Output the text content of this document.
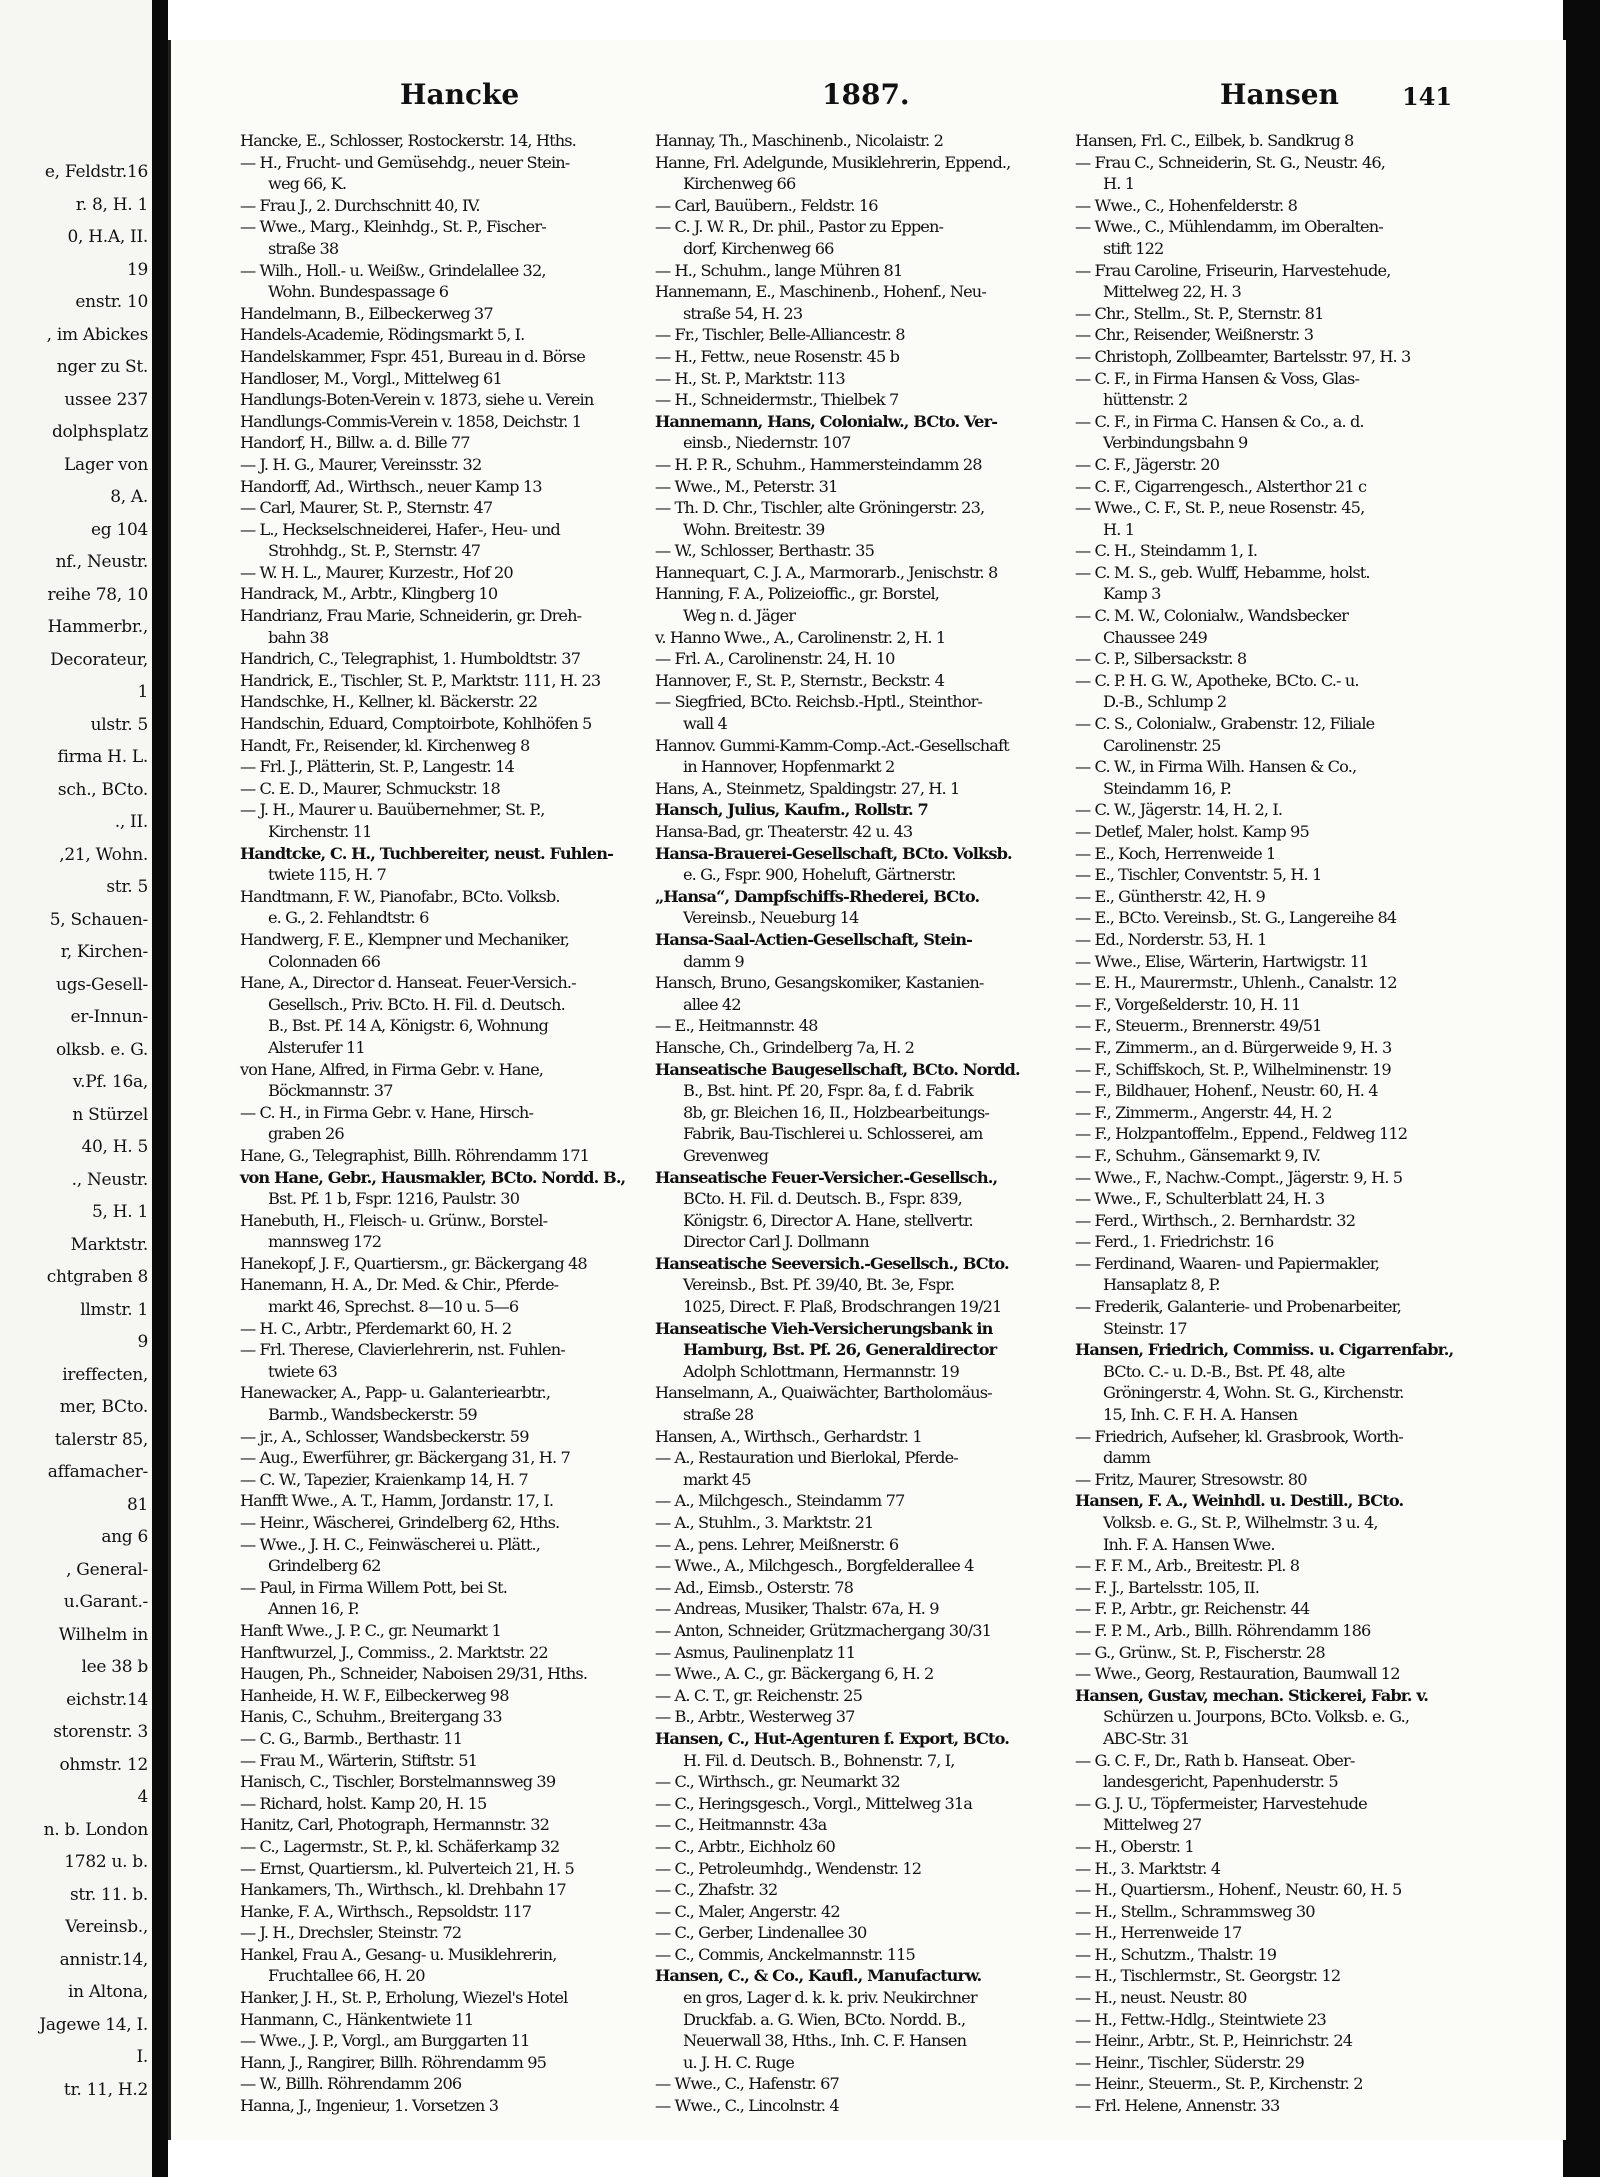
e, Feldstr.16
r. 8, H. 1
0, H.A, II.
19
enstr. 10
, im Abickes
nger zu St.
ussee 237
dolphsplatz
Lager von
8, A.
eg 104
nf., Neustr.
reihe 78, 10
Hammerbr.,
Decorateur,
1
ulstr. 5
firma H. L.
sch., BCto.
., II.
,21, Wohn.
str. 5
5, Schauen-
r, Kirchen-
ugs-Gesell-
er-Innun-
olksb. e. G.
v.Pf. 16a,
n Stürzel
40, H. 5
., Neustr.
5, H. 1
Marktstr.
chtgraben 8
llmstr. 1
9
ireffecten,
mer, BCto.
talerstr 85,
affamacher-
81
ang 6
, General-
u.Garant.-
Wilhelm in
lee 38 b
eichstr.14
storenstr. 3
ohmstr. 12
4
n. b. London
1782 u. b.
str. 11. b.
Vereinsb.,
annistr.14,
in Altona,
Jagewe 14, I.
I.
tr. 11, H.2
Hancke	1887.	Hansen	141
Hancke, E., Schlosser, Rostockerstr. 14, Hths.
— H., Frucht- und Gemüsehdg., neuer Stein-
weg 66, K.
— Frau J., 2. Durchschnitt 40, IV.
— Wwe., Marg., Kleinhdg., St. P., Fischer-
straße 38
— Wilh., Holl.- u. Weißw., Grindelallee 32,
Wohn. Bundespassage 6
Handelmann, B., Eilbeckerweg 37
Handels-Academie, Rödingsmarkt 5, I.
Handelskammer, Fspr. 451, Bureau in d. Börse
Handloser, M., Vorgl., Mittelweg 61
Handlungs-Boten-Verein v. 1873, siehe u. Verein
Handlungs-Commis-Verein v. 1858, Deichstr. 1
Handorf, H., Billw. a. d. Bille 77
— J. H. G., Maurer, Vereinsstr. 32
Handorff, Ad., Wirthsch., neuer Kamp 13
— Carl, Maurer, St. P., Sternstr. 47
— L., Heckselschneiderei, Hafer-, Heu- und
Strohhdg., St. P., Sternstr. 47
— W. H. L., Maurer, Kurzestr., Hof 20
Handrack, M., Arbtr., Klingberg 10
Handrianz, Frau Marie, Schneiderin, gr. Dreh-
bahn 38
Handrich, C., Telegraphist, 1. Humboldtstr. 37
Handrick, E., Tischler, St. P., Marktstr. 111, H. 23
Handschke, H., Kellner, kl. Bäckerstr. 22
Handschin, Eduard, Comptoirbote, Kohlhöfen 5
Handt, Fr., Reisender, kl. Kirchenweg 8
— Frl. J., Plätterin, St. P., Langestr. 14
— C. E. D., Maurer, Schmuckstr. 18
— J. H., Maurer u. Bauübernehmer, St. P.,
Kirchenstr. 11
Handtcke, C. H., Tuchbereiter, neust. Fuhlen-
twiete 115, H. 7
Handtmann, F. W., Pianofabr., BCto. Volksb.
e. G., 2. Fehlandtstr. 6
Handwerg, F. E., Klempner und Mechaniker,
Colonnaden 66
Hane, A., Director d. Hanseat. Feuer-Versich.-
Gesellsch., Priv. BCto. H. Fil. d. Deutsch.
B., Bst. Pf. 14 A, Königstr. 6, Wohnung
Alsterufer 11
von Hane, Alfred, in Firma Gebr. v. Hane,
Böckmannstr. 37
— C. H., in Firma Gebr. v. Hane, Hirsch-
graben 26
Hane, G., Telegraphist, Billh. Röhrendamm 171
von Hane, Gebr., Hausmakler, BCto. Nordd. B.,
Bst. Pf. 1 b, Fspr. 1216, Paulstr. 30
Hanebuth, H., Fleisch- u. Grünw., Borstel-
mannsweg 172
Hanekopf, J. F., Quartiersm., gr. Bäckergang 48
Hanemann, H. A., Dr. Med. & Chir., Pferde-
markt 46, Sprechst. 8—10 u. 5—6
— H. C., Arbtr., Pferdemarkt 60, H. 2
— Frl. Therese, Clavierlehrerin, nst. Fuhlen-
twiete 63
Hanewacker, A., Papp- u. Galanteriearbtr.,
Barmb., Wandsbeckerstr. 59
— jr., A., Schlosser, Wandsbeckerstr. 59
— Aug., Ewerführer, gr. Bäckergang 31, H. 7
— C. W., Tapezier, Kraienkamp 14, H. 7
Hanfft Wwe., A. T., Hamm, Jordanstr. 17, I.
— Heinr., Wäscherei, Grindelberg 62, Hths.
— Wwe., J. H. C., Feinwäscherei u. Plätt.,
Grindelberg 62
— Paul, in Firma Willem Pott, bei St.
Annen 16, P.
Hanft Wwe., J. P. C., gr. Neumarkt 1
Hanftwurzel, J., Commiss., 2. Marktstr. 22
Haugen, Ph., Schneider, Naboisen 29/31, Hths.
Hanheide, H. W. F., Eilbeckerweg 98
Hanis, C., Schuhm., Breitergang 33
— C. G., Barmb., Berthastr. 11
— Frau M., Wärterin, Stiftstr. 51
Hanisch, C., Tischler, Borstelmannsweg 39
— Richard, holst. Kamp 20, H. 15
Hanitz, Carl, Photograph, Hermannstr. 32
— C., Lagermstr., St. P., kl. Schäferkamp 32
— Ernst, Quartiersm., kl. Pulverteich 21, H. 5
Hankamers, Th., Wirthsch., kl. Drehbahn 17
Hanke, F. A., Wirthsch., Repsoldstr. 117
— J. H., Drechsler, Steinstr. 72
Hankel, Frau A., Gesang- u. Musiklehrerin,
Fruchtallee 66, H. 20
Hanker, J. H., St. P., Erholung, Wiezel's Hotel
Hanmann, C., Hänkentwiete 11
— Wwe., J. P., Vorgl., am Burggarten 11
Hann, J., Rangirer, Billh. Röhrendamm 95
— W., Billh. Röhrendamm 206
Hanna, J., Ingenieur, 1. Vorsetzen 3
Hannay, Th., Maschinenb., Nicolaistr. 2
Hanne, Frl. Adelgunde, Musiklehrerin, Eppend.,
Kirchenweg 66
— Carl, Bauübern., Feldstr. 16
— C. J. W. R., Dr. phil., Pastor zu Eppen-
dorf, Kirchenweg 66
— H., Schuhm., lange Mühren 81
Hannemann, E., Maschinenb., Hohenf., Neu-
straße 54, H. 23
— Fr., Tischler, Belle-Alliancestr. 8
— H., Fettw., neue Rosenstr. 45 b
— H., St. P., Marktstr. 113
— H., Schneidermstr., Thielbek 7
Hannemann, Hans, Colonialw., BCto. Ver-
einsb., Niedernstr. 107
— H. P. R., Schuhm., Hammersteindamm 28
— Wwe., M., Peterstr. 31
— Th. D. Chr., Tischler, alte Gröningerstr. 23,
Wohn. Breitestr. 39
— W., Schlosser, Berthastr. 35
Hannequart, C. J. A., Marmorarb., Jenischstr. 8
Hanning, F. A., Polizeioffic., gr. Borstel,
Weg n. d. Jäger
v. Hanno Wwe., A., Carolinenstr. 2, H. 1
— Frl. A., Carolinenstr. 24, H. 10
Hannover, F., St. P., Sternstr., Beckstr. 4
— Siegfried, BCto. Reichsb.-Hptl., Steinthor-
wall 4
Hannov. Gummi-Kamm-Comp.-Act.-Gesellschaft
in Hannover, Hopfenmarkt 2
Hans, A., Steinmetz, Spaldingstr. 27, H. 1
Hansch, Julius, Kaufm., Rollstr. 7
Hansa-Bad, gr. Theaterstr. 42 u. 43
Hansa-Brauerei-Gesellschaft, BCto. Volksb.
e. G., Fspr. 900, Hoheluft, Gärtnerstr.
„Hansa“, Dampfschiffs-Rhederei, BCto.
Vereinsb., Neueburg 14
Hansa-Saal-Actien-Gesellschaft, Stein-
damm 9
Hansch, Bruno, Gesangskomiker, Kastanien-
allee 42
— E., Heitmannstr. 48
Hansche, Ch., Grindelberg 7a, H. 2
Hanseatische Baugesellschaft, BCto. Nordd.
B., Bst. hint. Pf. 20, Fspr. 8a, f. d. Fabrik
8b, gr. Bleichen 16, II., Holzbearbeitungs-
Fabrik, Bau-Tischlerei u. Schlosserei, am
Grevenweg
Hanseatische Feuer-Versicher.-Gesellsch.,
BCto. H. Fil. d. Deutsch. B., Fspr. 839,
Königstr. 6, Director A. Hane, stellvertr.
Director Carl J. Dollmann
Hanseatische Seeversich.-Gesellsch., BCto.
Vereinsb., Bst. Pf. 39/40, Bt. 3e, Fspr.
1025, Direct. F. Plaß, Brodschrangen 19/21
Hanseatische Vieh-Versicherungsbank in
Hamburg, Bst. Pf. 26, Generaldirector
Adolph Schlottmann, Hermannstr. 19
Hanselmann, A., Quaiwächter, Bartholomäus-
straße 28
Hansen, A., Wirthsch., Gerhardstr. 1
— A., Restauration und Bierlokal, Pferde-
markt 45
— A., Milchgesch., Steindamm 77
— A., Stuhlm., 3. Marktstr. 21
— A., pens. Lehrer, Meißnerstr. 6
— Wwe., A., Milchgesch., Borgfelderallee 4
— Ad., Eimsb., Osterstr. 78
— Andreas, Musiker, Thalstr. 67a, H. 9
— Anton, Schneider, Grützmachergang 30/31
— Asmus, Paulinenplatz 11
— Wwe., A. C., gr. Bäckergang 6, H. 2
— A. C. T., gr. Reichenstr. 25
— B., Arbtr., Westerweg 37
Hansen, C., Hut-Agenturen f. Export, BCto.
H. Fil. d. Deutsch. B., Bohnenstr. 7, I,
— C., Wirthsch., gr. Neumarkt 32
— C., Heringsgesch., Vorgl., Mittelweg 31a
— C., Heitmannstr. 43a
— C., Arbtr., Eichholz 60
— C., Petroleumhdg., Wendenstr. 12
— C., Zhafstr. 32
— C., Maler, Angerstr. 42
— C., Gerber, Lindenallee 30
— C., Commis, Anckelmannstr. 115
Hansen, C., & Co., Kaufl., Manufacturw.
en gros, Lager d. k. k. priv. Neukirchner
Druckfab. a. G. Wien, BCto. Nordd. B.,
Neuerwall 38, Hths., Inh. C. F. Hansen
u. J. H. C. Ruge
— Wwe., C., Hafenstr. 67
— Wwe., C., Lincolnstr. 4
Hansen, Frl. C., Eilbek, b. Sandkrug 8
— Frau C., Schneiderin, St. G., Neustr. 46,
H. 1
— Wwe., C., Hohenfelderstr. 8
— Wwe., C., Mühlendamm, im Oberalten-
stift 122
— Frau Caroline, Friseurin, Harvestehude,
Mittelweg 22, H. 3
— Chr., Stellm., St. P., Sternstr. 81
— Chr., Reisender, Weißnerstr. 3
— Christoph, Zollbeamter, Bartelsstr. 97, H. 3
— C. F., in Firma Hansen & Voss, Glas-
hüttenstr. 2
— C. F., in Firma C. Hansen & Co., a. d.
Verbindungsbahn 9
— C. F., Jägerstr. 20
— C. F., Cigarrengesch., Alsterthor 21 c
— Wwe., C. F., St. P., neue Rosenstr. 45,
H. 1
— C. H., Steindamm 1, I.
— C. M. S., geb. Wulff, Hebamme, holst.
Kamp 3
— C. M. W., Colonialw., Wandsbecker
Chaussee 249
— C. P., Silbersackstr. 8
— C. P. H. G. W., Apotheke, BCto. C.- u.
D.-B., Schlump 2
— C. S., Colonialw., Grabenstr. 12, Filiale
Carolinenstr. 25
— C. W., in Firma Wilh. Hansen & Co.,
Steindamm 16, P.
— C. W., Jägerstr. 14, H. 2, I.
— Detlef, Maler, holst. Kamp 95
— E., Koch, Herrenweide 1
— E., Tischler, Conventstr. 5, H. 1
— E., Güntherstr. 42, H. 9
— E., BCto. Vereinsb., St. G., Langereihe 84
— Ed., Norderstr. 53, H. 1
— Wwe., Elise, Wärterin, Hartwigstr. 11
— E. H., Maurermstr., Uhlenh., Canalstr. 12
— F., Vorgeßelderstr. 10, H. 11
— F., Steuerm., Brennerstr. 49/51
— F., Zimmerm., an d. Bürgerweide 9, H. 3
— F., Schiffskoch, St. P., Wilhelminenstr. 19
— F., Bildhauer, Hohenf., Neustr. 60, H. 4
— F., Zimmerm., Angerstr. 44, H. 2
— F., Holzpantoffelm., Eppend., Feldweg 112
— F., Schuhm., Gänsemarkt 9, IV.
— Wwe., F., Nachw.-Compt., Jägerstr. 9, H. 5
— Wwe., F., Schulterblatt 24, H. 3
— Ferd., Wirthsch., 2. Bernhardstr. 32
— Ferd., 1. Friedrichstr. 16
— Ferdinand, Waaren- und Papiermakler,
Hansaplatz 8, P.
— Frederik, Galanterie- und Probenarbeiter,
Steinstr. 17
Hansen, Friedrich, Commiss. u. Cigarrenfabr.,
BCto. C.- u. D.-B., Bst. Pf. 48, alte
Gröningerstr. 4, Wohn. St. G., Kirchenstr.
15, Inh. C. F. H. A. Hansen
— Friedrich, Aufseher, kl. Grasbrook, Worth-
damm
— Fritz, Maurer, Stresowstr. 80
Hansen, F. A., Weinhdl. u. Destill., BCto.
Volksb. e. G., St. P., Wilhelmstr. 3 u. 4,
Inh. F. A. Hansen Wwe.
— F. F. M., Arb., Breitestr. Pl. 8
— F. J., Bartelsstr. 105, II.
— F. P., Arbtr., gr. Reichenstr. 44
— F. P. M., Arb., Billh. Röhrendamm 186
— G., Grünw., St. P., Fischerstr. 28
— Wwe., Georg, Restauration, Baumwall 12
Hansen, Gustav, mechan. Stickerei, Fabr. v.
Schürzen u. Jourpons, BCto. Volksb. e. G.,
ABC-Str. 31
— G. C. F., Dr., Rath b. Hanseat. Ober-
landesgericht, Papenhuderstr. 5
— G. J. U., Töpfermeister, Harvestehude
Mittelweg 27
— H., Oberstr. 1
— H., 3. Marktstr. 4
— H., Quartiersm., Hohenf., Neustr. 60, H. 5
— H., Stellm., Schrammsweg 30
— H., Herrenweide 17
— H., Schutzm., Thalstr. 19
— H., Tischlermstr., St. Georgstr. 12
— H., neust. Neustr. 80
— H., Fettw.-Hdlg., Steintwiete 23
— Heinr., Arbtr., St. P., Heinrichstr. 24
— Heinr., Tischler, Süderstr. 29
— Heinr., Steuerm., St. P., Kirchenstr. 2
— Frl. Helene, Annenstr. 33
